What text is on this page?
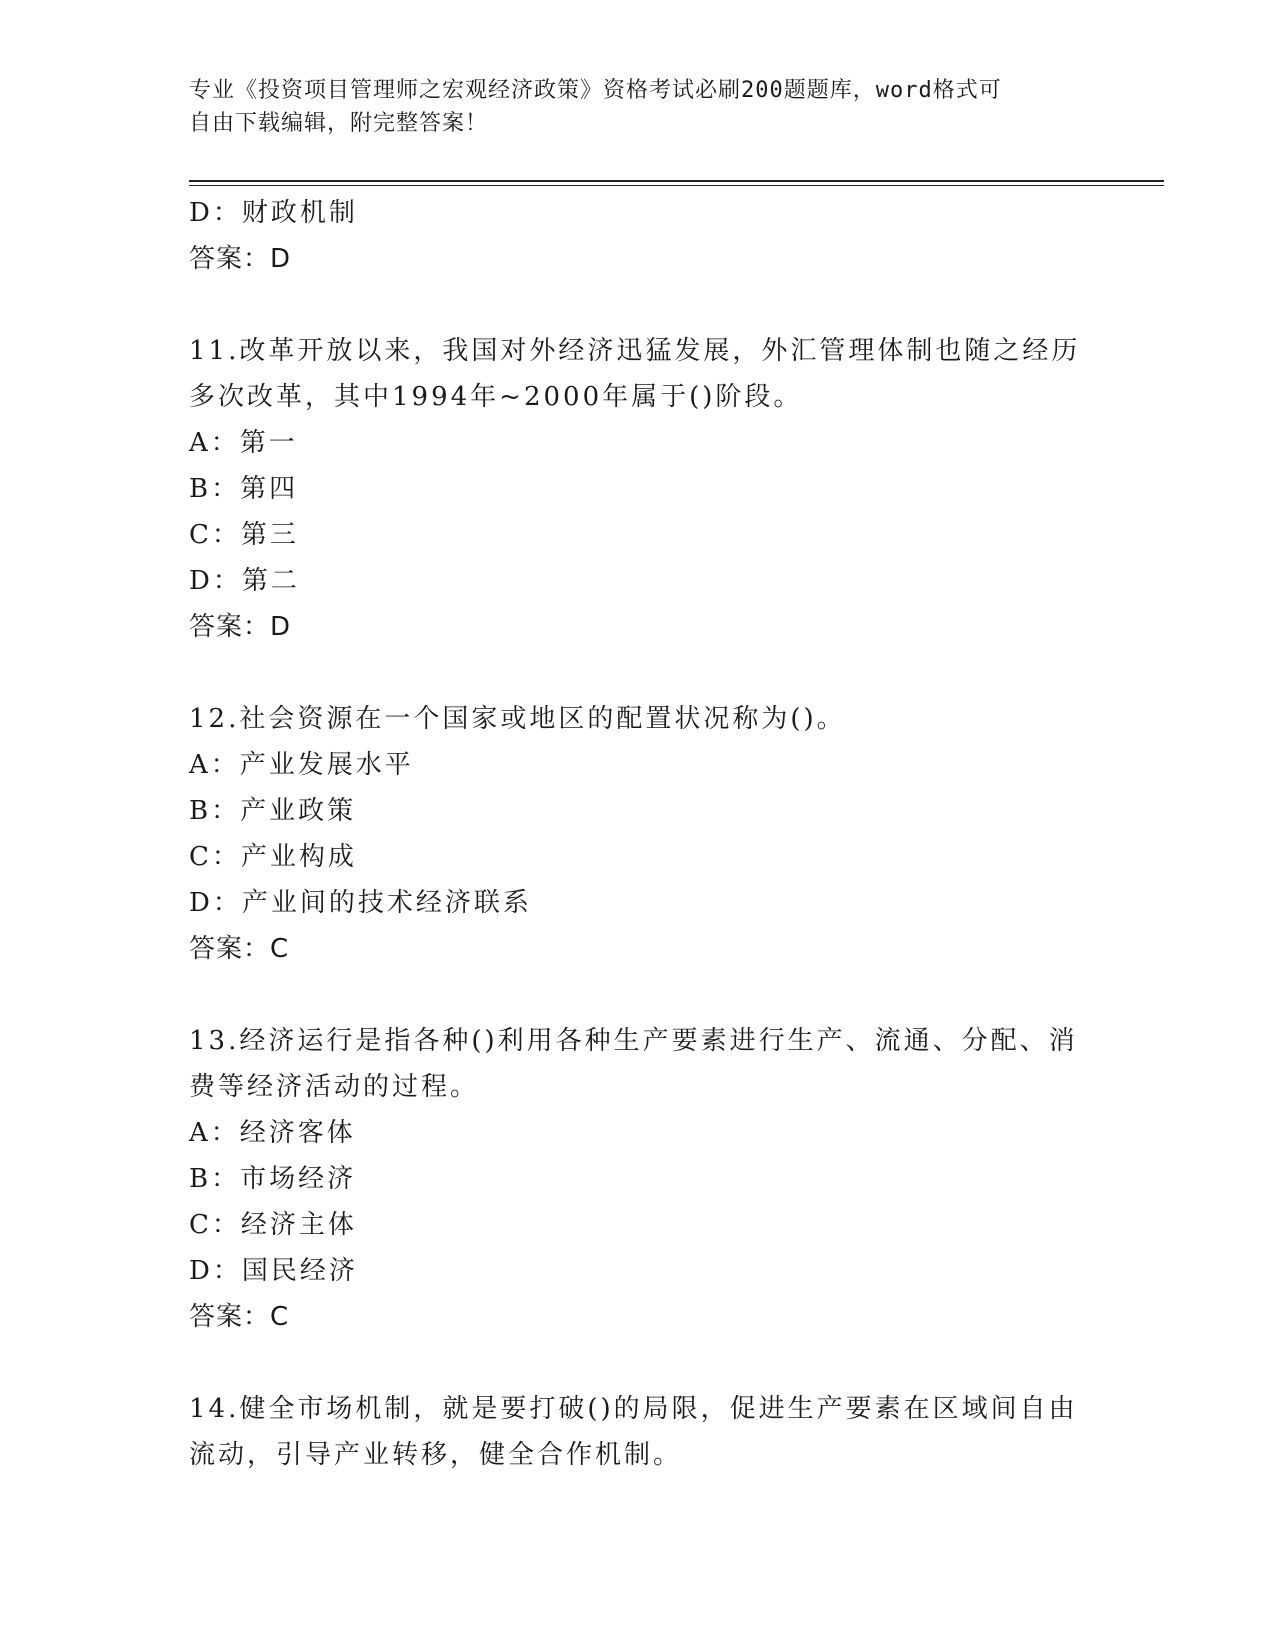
专业《投资项目管理师之宏观经济政策》资格考试必刷200题题库，word格式可
自由下载编辑，附完整答案！
D：财政机制
答案：D
11.改革开放以来，我国对外经济迅猛发展，外汇管理体制也随之经历
多次改革，其中1994年~2000年属于()阶段。
A：第一
B：第四
C：第三
D：第二
答案：D
12.社会资源在一个国家或地区的配置状况称为()。
A：产业发展水平
B：产业政策
C：产业构成
D：产业间的技术经济联系
答案：C
13.经济运行是指各种()利用各种生产要素进行生产、流通、分配、消
费等经济活动的过程。
A：经济客体
B：市场经济
C：经济主体
D：国民经济
答案：C
14.健全市场机制，就是要打破()的局限，促进生产要素在区域间自由
流动，引导产业转移，健全合作机制。
